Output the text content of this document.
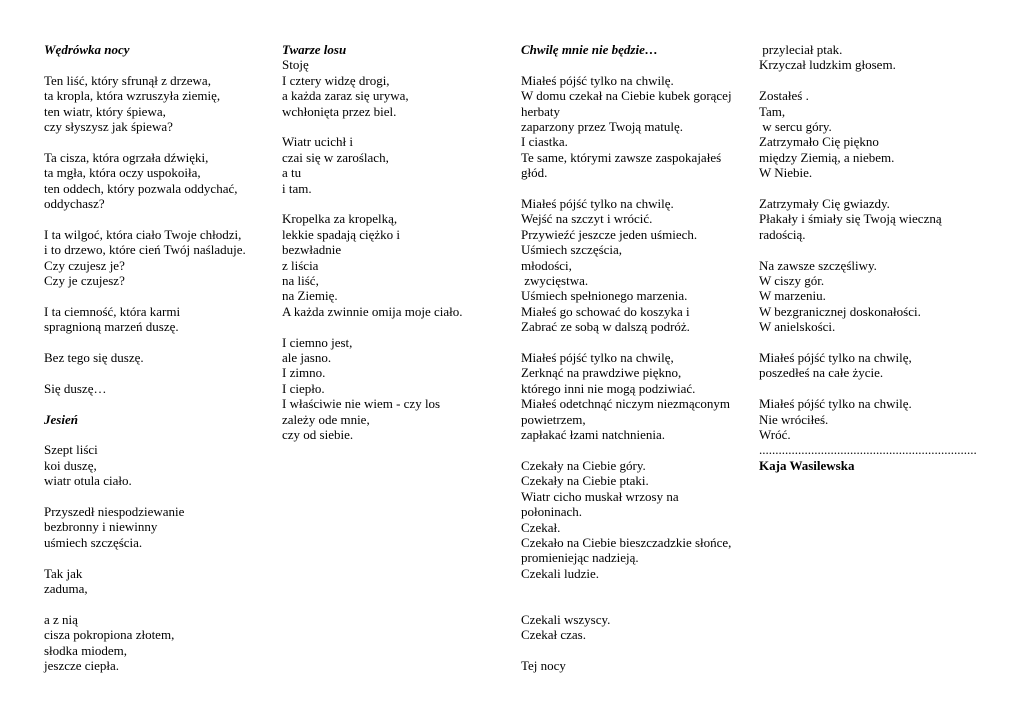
Wędrówka nocy
Ten liść, który sfrunął z drzewa,
ta kropla, która wzruszyła ziemię,
ten wiatr, który śpiewa,
czy słyszysz jak śpiewa?
Ta cisza, która ogrzała dźwięki,
ta mgła, która oczy uspokoiła,
ten oddech, który pozwala oddychać,
oddychasz?
I ta wilgoć, która ciało Twoje chłodzi,
i to drzewo, które cień Twój naśladuje.
Czy czujesz je?
Czy je czujesz?
I ta ciemność, która karmi
spragnioną marzeń duszę.
Bez tego się duszę.
Się duszę…
Jesień
Szept liści
koi duszę,
wiatr otula ciało.
Przyszedł niespodziewanie
bezbronny i niewinny
uśmiech szczęścia.
Tak jak
zaduma,
a z nią
cisza pokropiona złotem,
słodka miodem,
jeszcze ciepła.
Twarze losu
Stoję
I cztery widzę drogi,
a każda zaraz się urywa,
wchłonięta przez biel.
Wiatr ucichł i
czai się w zaroślach,
a tu
i tam.
Kropelka za kropelką,
lekkie spadają ciężko i
bezwładnie
z liścia
na liść,
na Ziemię.
A każda zwinnie omija moje ciało.
I ciemno jest,
ale jasno.
I zimno.
I ciepło.
I właściwie nie wiem - czy los
zależy ode mnie,
czy od siebie.
Chwilę mnie nie będzie…
Miałeś pójść tylko na chwilę.
W domu czekał na Ciebie kubek gorącej
herbaty
zaparzony przez Twoją matulę.
I ciastka.
Te same, którymi zawsze zaspokajałeś
głód.
Miałeś pójść tylko na chwilę.
Wejść na szczyt i wrócić.
Przywieźć jeszcze jeden uśmiech.
Uśmiech szczęścia,
młodości,
zwycięstwa.
Uśmiech spełnionego marzenia.
Miałeś go schować do koszyka i
Zabrać ze sobą w dalszą podróż.
Miałeś pójść tylko na chwilę,
Zerknąć na prawdziwe piękno,
którego inni nie mogą podziwiać.
Miałeś odetchnąć niczym niezmąconym
powietrzem,
zapłakać łzami natchnienia.
Czekały na Ciebie góry.
Czekały na Ciebie ptaki.
Wiatr cicho muskał wrzosy na
połoninach.
Czekał.
Czekało na Ciebie bieszczadzkie słońce,
promieniejąc nadzieją.
Czekali ludzie.
Czekali wszyscy.
Czekał czas.
Tej nocy
przyleciał ptak.
Krzyczał ludzkim głosem.
Zostałeś .
Tam,
w sercu góry.
Zatrzymało Cię piękno
między Ziemią, a niebem.
W Niebie.
Zatrzymały Cię gwiazdy.
Płakały i śmiały się Twoją wieczną
radością.
Na zawsze szczęśliwy.
W ciszy gór.
W marzeniu.
W bezgranicznej doskonałości.
W anielskości.
Miałeś pójść tylko na chwilę,
poszedłeś na całe życie.
Miałeś pójść tylko na chwilę.
Nie wróciłeś.
Wróć.
...................................................................
Kaja Wasilewska
